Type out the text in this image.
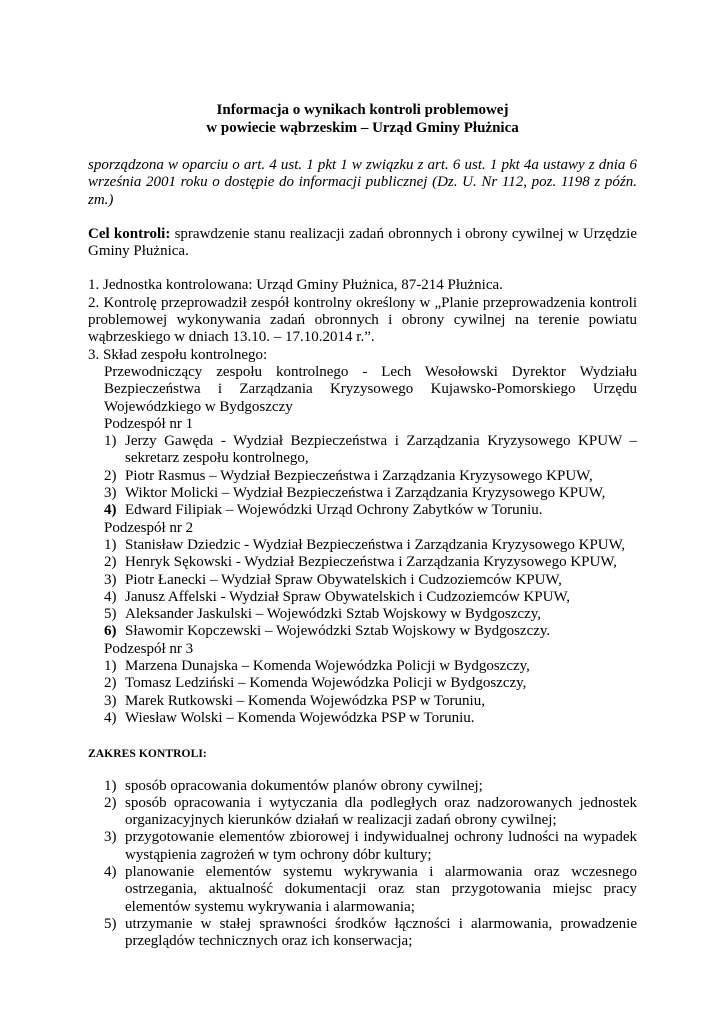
Informacja o wynikach kontroli problemowej
w powiecie wąbrzeskim – Urząd Gminy Płużnica

sporządzona w oparciu o art. 4 ust. 1 pkt 1 w związku z art. 6 ust. 1 pkt 4a ustawy z dnia 6 września 2001 roku o dostępie do informacji publicznej (Dz. U. Nr 112, poz. 1198 z późn. zm.)

Cel kontroli: sprawdzenie stanu realizacji zadań obronnych i obrony cywilnej w Urzędzie Gminy Płużnica.

1. Jednostka kontrolowana: Urząd Gminy Płużnica, 87-214 Płużnica.

2. Kontrolę przeprowadził zespół kontrolny określony w „Planie przeprowadzenia kontroli problemowej wykonywania zadań obronnych i obrony cywilnej na terenie powiatu wąbrzeskiego w dniach 13.10. – 17.10.2014 r.”.

3. Skład zespołu kontrolnego:

Przewodniczący zespołu kontrolnego - Lech Wesołowski Dyrektor Wydziału Bezpieczeństwa i Zarządzania Kryzysowego Kujawsko-Pomorskiego Urzędu Wojewódzkiego w Bydgoszczy

Podzespół nr 1

1) Jerzy Gawęda - Wydział Bezpieczeństwa i Zarządzania Kryzysowego KPUW – sekretarz zespołu kontrolnego,
2) Piotr Rasmus – Wydział Bezpieczeństwa i Zarządzania Kryzysowego KPUW,
3) Wiktor Molicki – Wydział Bezpieczeństwa i Zarządzania Kryzysowego KPUW,
4) Edward Filipiak – Wojewódzki Urząd Ochrony Zabytków w Toruniu.

Podzespół nr 2

1) Stanisław Dziedzic - Wydział Bezpieczeństwa i Zarządzania Kryzysowego KPUW,
2) Henryk Sękowski - Wydział Bezpieczeństwa i Zarządzania Kryzysowego KPUW,
3) Piotr Łanecki – Wydział Spraw Obywatelskich i Cudzoziemców KPUW,
4) Janusz Affelski - Wydział Spraw Obywatelskich i Cudzoziemców KPUW,
5) Aleksander Jaskulski – Wojewódzki Sztab Wojskowy w Bydgoszczy,
6) Sławomir Kopczewski – Wojewódzki Sztab Wojskowy w Bydgoszczy.

Podzespół nr 3

1) Marzena Dunajska – Komenda Wojewódzka Policji w Bydgoszczy,
2) Tomasz Ledziński – Komenda Wojewódzka Policji w Bydgoszczy,
3) Marek Rutkowski – Komenda Wojewódzka PSP w Toruniu,
4) Wiesław Wolski – Komenda Wojewódzka PSP w Toruniu.

ZAKRES KONTROLI:

1) sposób opracowania dokumentów planów obrony cywilnej;
2) sposób opracowania i wytyczania dla podległych oraz nadzorowanych jednostek organizacyjnych kierunków działań w realizacji zadań obrony cywilnej;
3) przygotowanie elementów zbiorowej i indywidualnej ochrony ludności na wypadek wystąpienia zagrożeń w tym ochrony dóbr kultury;
4) planowanie elementów systemu wykrywania i alarmowania oraz wczesnego ostrzegania, aktualność dokumentacji oraz stan przygotowania miejsc pracy elementów systemu wykrywania i alarmowania;
5) utrzymanie w stałej sprawności środków łączności i alarmowania, prowadzenie przeglądów technicznych oraz ich konserwacja;
